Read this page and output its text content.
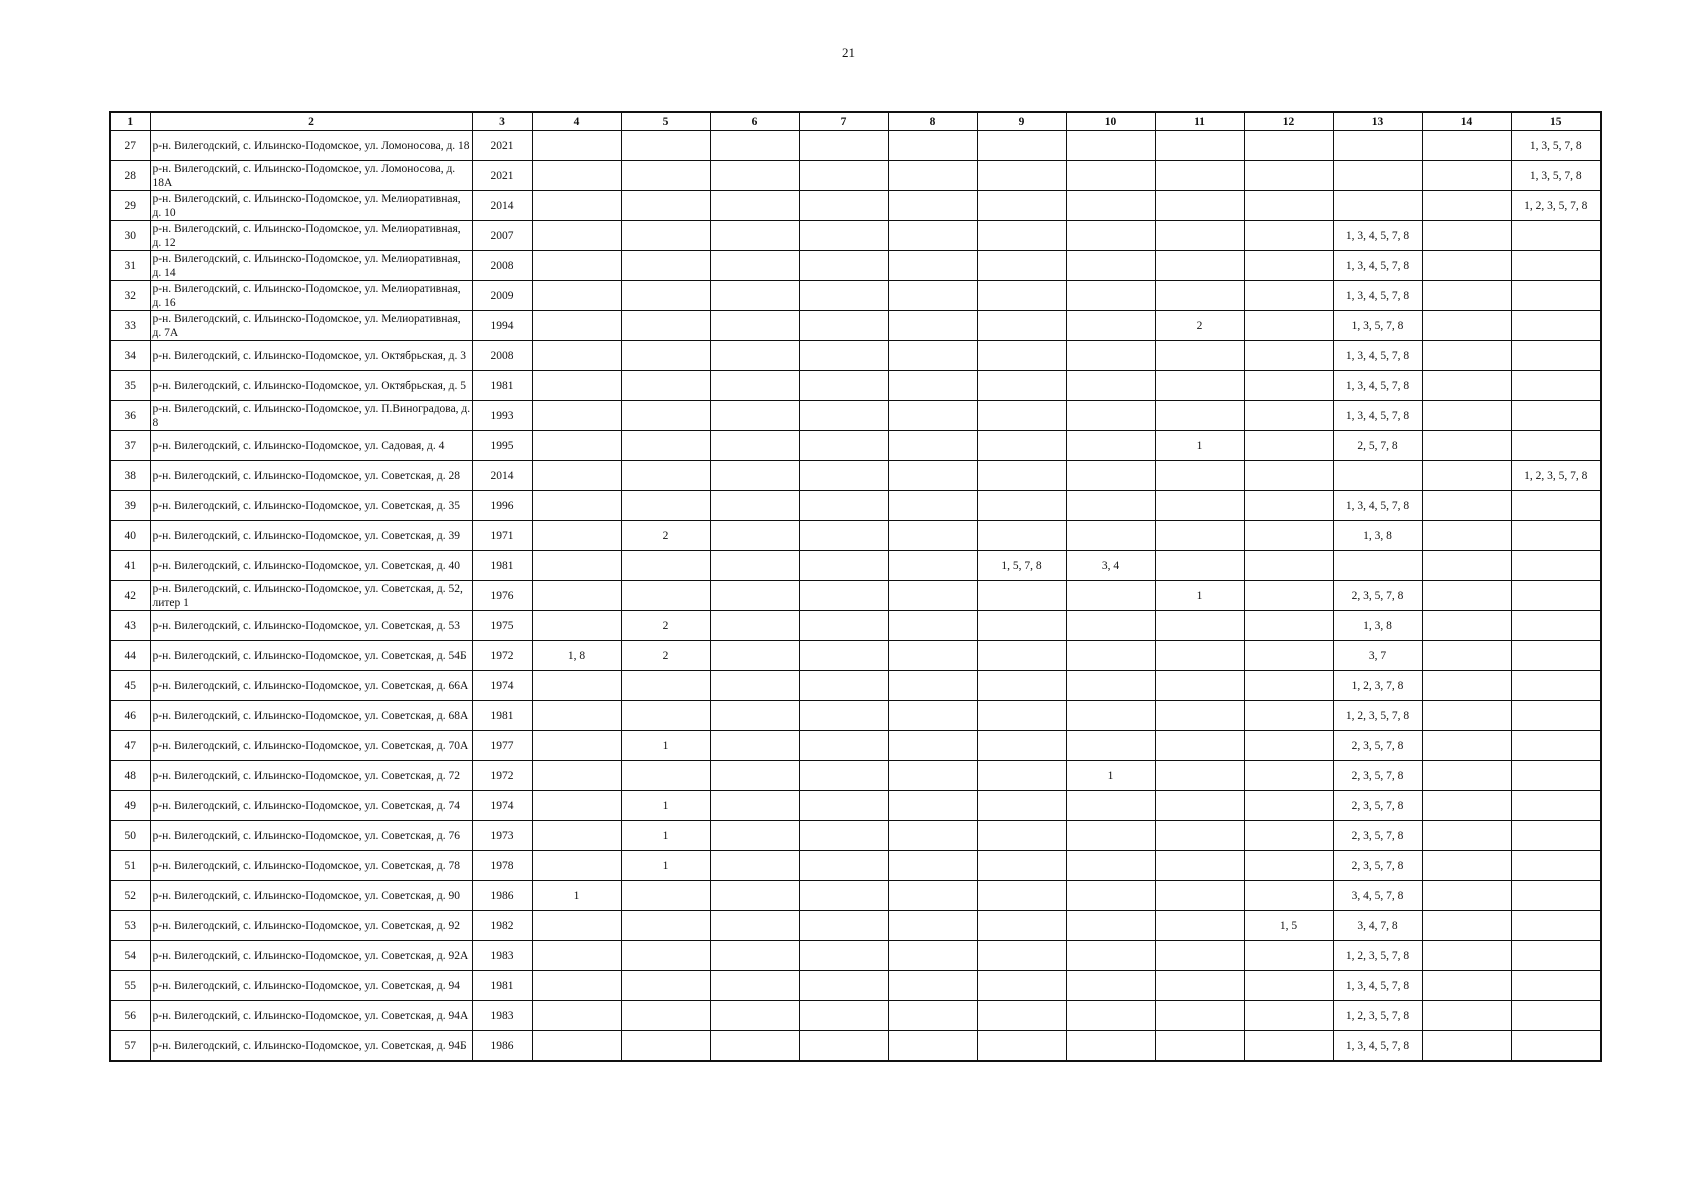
21
1	2	3	4	5	6	7	8	9	10	11	12	13	14	15
27	р-н. Вилегодский, с. Ильинско-Подомское, ул. Ломоносова, д. 18	2021												1, 3, 5, 7, 8
28	р-н. Вилегодский, с. Ильинско-Подомское, ул. Ломоносова, д. 18А	2021												1, 3, 5, 7, 8
29	р-н. Вилегодский, с. Ильинско-Подомское, ул. Мелиоративная, д. 10	2014												1, 2, 3, 5, 7, 8
30	р-н. Вилегодский, с. Ильинско-Подомское, ул. Мелиоративная, д. 12	2007										1, 3, 4, 5, 7, 8		
31	р-н. Вилегодский, с. Ильинско-Подомское, ул. Мелиоративная, д. 14	2008										1, 3, 4, 5, 7, 8		
32	р-н. Вилегодский, с. Ильинско-Подомское, ул. Мелиоративная, д. 16	2009										1, 3, 4, 5, 7, 8		
33	р-н. Вилегодский, с. Ильинско-Подомское, ул. Мелиоративная, д. 7А	1994								2		1, 3, 5, 7, 8		
34	р-н. Вилегодский, с. Ильинско-Подомское, ул. Октябрьская, д. 3	2008										1, 3, 4, 5, 7, 8		
35	р-н. Вилегодский, с. Ильинско-Подомское, ул. Октябрьская, д. 5	1981										1, 3, 4, 5, 7, 8		
36	р-н. Вилегодский, с. Ильинско-Подомское, ул. П.Виноградова, д. 8	1993										1, 3, 4, 5, 7, 8		
37	р-н. Вилегодский, с. Ильинско-Подомское, ул. Садовая, д. 4	1995								1		2, 5, 7, 8		
38	р-н. Вилегодский, с. Ильинско-Подомское, ул. Советская, д. 28	2014												1, 2, 3, 5, 7, 8
39	р-н. Вилегодский, с. Ильинско-Подомское, ул. Советская, д. 35	1996										1, 3, 4, 5, 7, 8		
40	р-н. Вилегодский, с. Ильинско-Подомское, ул. Советская, д. 39	1971		2								1, 3, 8		
41	р-н. Вилегодский, с. Ильинско-Подомское, ул. Советская, д. 40	1981						1, 5, 7, 8	3, 4					
42	р-н. Вилегодский, с. Ильинско-Подомское, ул. Советская, д. 52, литер 1	1976								1		2, 3, 5, 7, 8		
43	р-н. Вилегодский, с. Ильинско-Подомское, ул. Советская, д. 53	1975		2								1, 3, 8		
44	р-н. Вилегодский, с. Ильинско-Подомское, ул. Советская, д. 54Б	1972	1, 8	2								3, 7		
45	р-н. Вилегодский, с. Ильинско-Подомское, ул. Советская, д. 66А	1974										1, 2, 3, 7, 8		
46	р-н. Вилегодский, с. Ильинско-Подомское, ул. Советская, д. 68А	1981										1, 2, 3, 5, 7, 8		
47	р-н. Вилегодский, с. Ильинско-Подомское, ул. Советская, д. 70А	1977		1								2, 3, 5, 7, 8		
48	р-н. Вилегодский, с. Ильинско-Подомское, ул. Советская, д. 72	1972							1			2, 3, 5, 7, 8		
49	р-н. Вилегодский, с. Ильинско-Подомское, ул. Советская, д. 74	1974		1								2, 3, 5, 7, 8		
50	р-н. Вилегодский, с. Ильинско-Подомское, ул. Советская, д. 76	1973		1								2, 3, 5, 7, 8		
51	р-н. Вилегодский, с. Ильинско-Подомское, ул. Советская, д. 78	1978		1								2, 3, 5, 7, 8		
52	р-н. Вилегодский, с. Ильинско-Подомское, ул. Советская, д. 90	1986	1									3, 4, 5, 7, 8		
53	р-н. Вилегодский, с. Ильинско-Подомское, ул. Советская, д. 92	1982									1, 5	3, 4, 7, 8		
54	р-н. Вилегодский, с. Ильинско-Подомское, ул. Советская, д. 92А	1983										1, 2, 3, 5, 7, 8		
55	р-н. Вилегодский, с. Ильинско-Подомское, ул. Советская, д. 94	1981										1, 3, 4, 5, 7, 8		
56	р-н. Вилегодский, с. Ильинско-Подомское, ул. Советская, д. 94А	1983										1, 2, 3, 5, 7, 8		
57	р-н. Вилегодский, с. Ильинско-Подомское, ул. Советская, д. 94Б	1986										1, 3, 4, 5, 7, 8		
